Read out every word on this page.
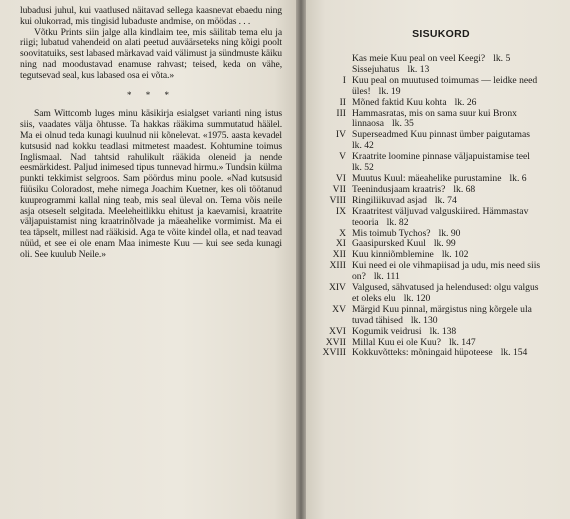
lubadusi juhul, kui vaatlused näitavad sellega kaasnevat ebaedu ning kui olukorrad, mis tingisid lubaduste andmise, on möödas . . .

Võtku Prints siin jalge alla kindlaim tee, mis säilitab tema elu ja riigi; lubatud vahendeid on alati peetud auväärseteks ning kõigi poolt soovitatuiks, sest labased märkavad vaid välimust ja sündmuste käiku ning nad moodustavad enamuse rahvast; teised, keda on vähe, tegutsevad seal, kus labased osa ei võta.»

* * *

Sam Wittcomb luges minu käsikirja esialgset varianti ning istus siis, vaadates välja õhtusse. Ta hakkas rääkima summutatud häälel. Ma ei olnud teda kunagi kuulnud nii kõnelevat. «1975. aasta kevadel kutsusid nad kokku teadlasi mitmetest maadest. Kohtumine toimus Inglismaal. Nad tahtsid rahulikult rääkida oleneid ja nende eesmärkidest. Paljud inimesed tipus tunnevad hirmu.» Tundsin külma punkti tekkimist selgroos. Sam pöördus minu poole. «Nad kutsusid füüsiku Coloradost, mehe nimega Joachim Kuetner, kes oli töötanud kuuprogrammi kallal ning teab, mis seal üleval on. Tema võis neile asja otseselt selgitada. Meeleheitlikku ehitust ja kaevamisi, kraatrite väljapuistamist ning kraatrinõlvade ja mäeahelike vormimist. Ma ei tea täpselt, millest nad rääkisid. Aga te võite kindel olla, et nad teavad nüüd, et see ei ole enam Maa inimeste Kuu — kui see seda kunagi oli. See kuulub Neile.»

SISUKORD
Kas meie Kuu peal on veel Keegi? lk. 5
Sissejuhatus lk. 13
I Kuu peal on muutused toimumas — leidke need
üles! lk. 19
II Mõned faktid Kuu kohta lk. 26
III Hammasratas, mis on sama suur kui Bronx
linnaosa lk. 35
IV Superseadmed Kuu pinnast ümber paigutamas
lk. 42
V Kraatrite loomine pinnase väljapuistamise teel
lk. 52
VI Muutus Kuul: mäeahelike purustamine lk. 6
VII Teenindusjaam kraatris? lk. 68
VIII Ringiliikuvad asjad lk. 74
IX Kraatritest väljuvad valguskiired. Hämmastav
teooria lk. 82
X Mis toimub Tychos? lk. 90
XI Gaasipursked Kuul lk. 99
XII Kuu kinniõmblemine lk. 102
XIII Kui need ei ole vihmapiisad ja udu, mis need siis
on? lk. 111
XIV Valgused, sähvatused ja helendused: olgu valgus
et oleks elu lk. 120
XV Märgid Kuu pinnal, märgistus ning kõrgele ula
tuvad tähised lk. 130
XVI Kogumik veidrusi lk. 138
XVII Millal Kuu ei ole Kuu? lk. 147
XVIII Kokkuvõtteks: mõningaid hüpoteese lk. 154
